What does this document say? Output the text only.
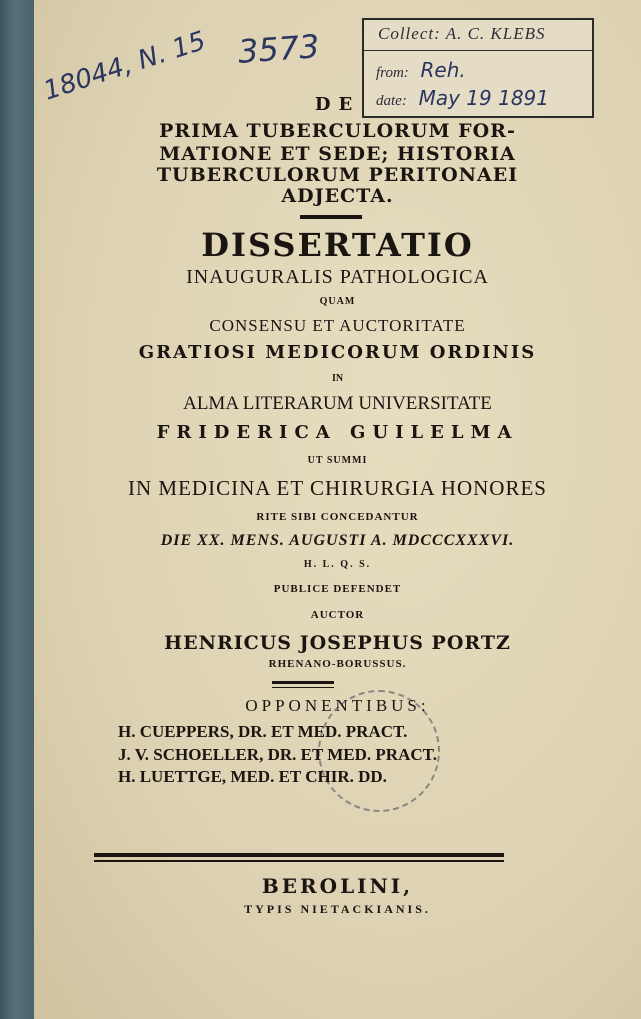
18044, N. 15 3573	Collect: A. C. KLEBS
from: Reh.
date: May 19 1891
DE
PRIMA TUBERCULORUM FOR-
MATIONE ET SEDE; HISTORIA
TUBERCULORUM PERITONAEI
ADJECTA.
DISSERTATIO
INAUGURALIS PATHOLOGICA
QUAM
CONSENSU ET AUCTORITATE
GRATIOSI MEDICORUM ORDINIS
IN
ALMA LITERARUM UNIVERSITATE
FRIDERICA GUILELMA
UT SUMMI
IN MEDICINA ET CHIRURGIA HONORES
RITE SIBI CONCEDANTUR
DIE XX. MENS. AUGUSTI A. MDCCCXXXVI.
H. L. Q. S.
PUBLICE DEFENDET
AUCTOR
HENRICUS JOSEPHUS PORTZ
RHENANO-BORUSSUS.
OPPONENTIBUS:
H. CUEPPERS, DR. ET MED. PRACT.
J. V. SCHOELLER, DR. ET MED. PRACT.
H. LUETTGE, MED. ET CHIR. DD.
BEROLINI,
TYPIS NIETACKIANIS.
